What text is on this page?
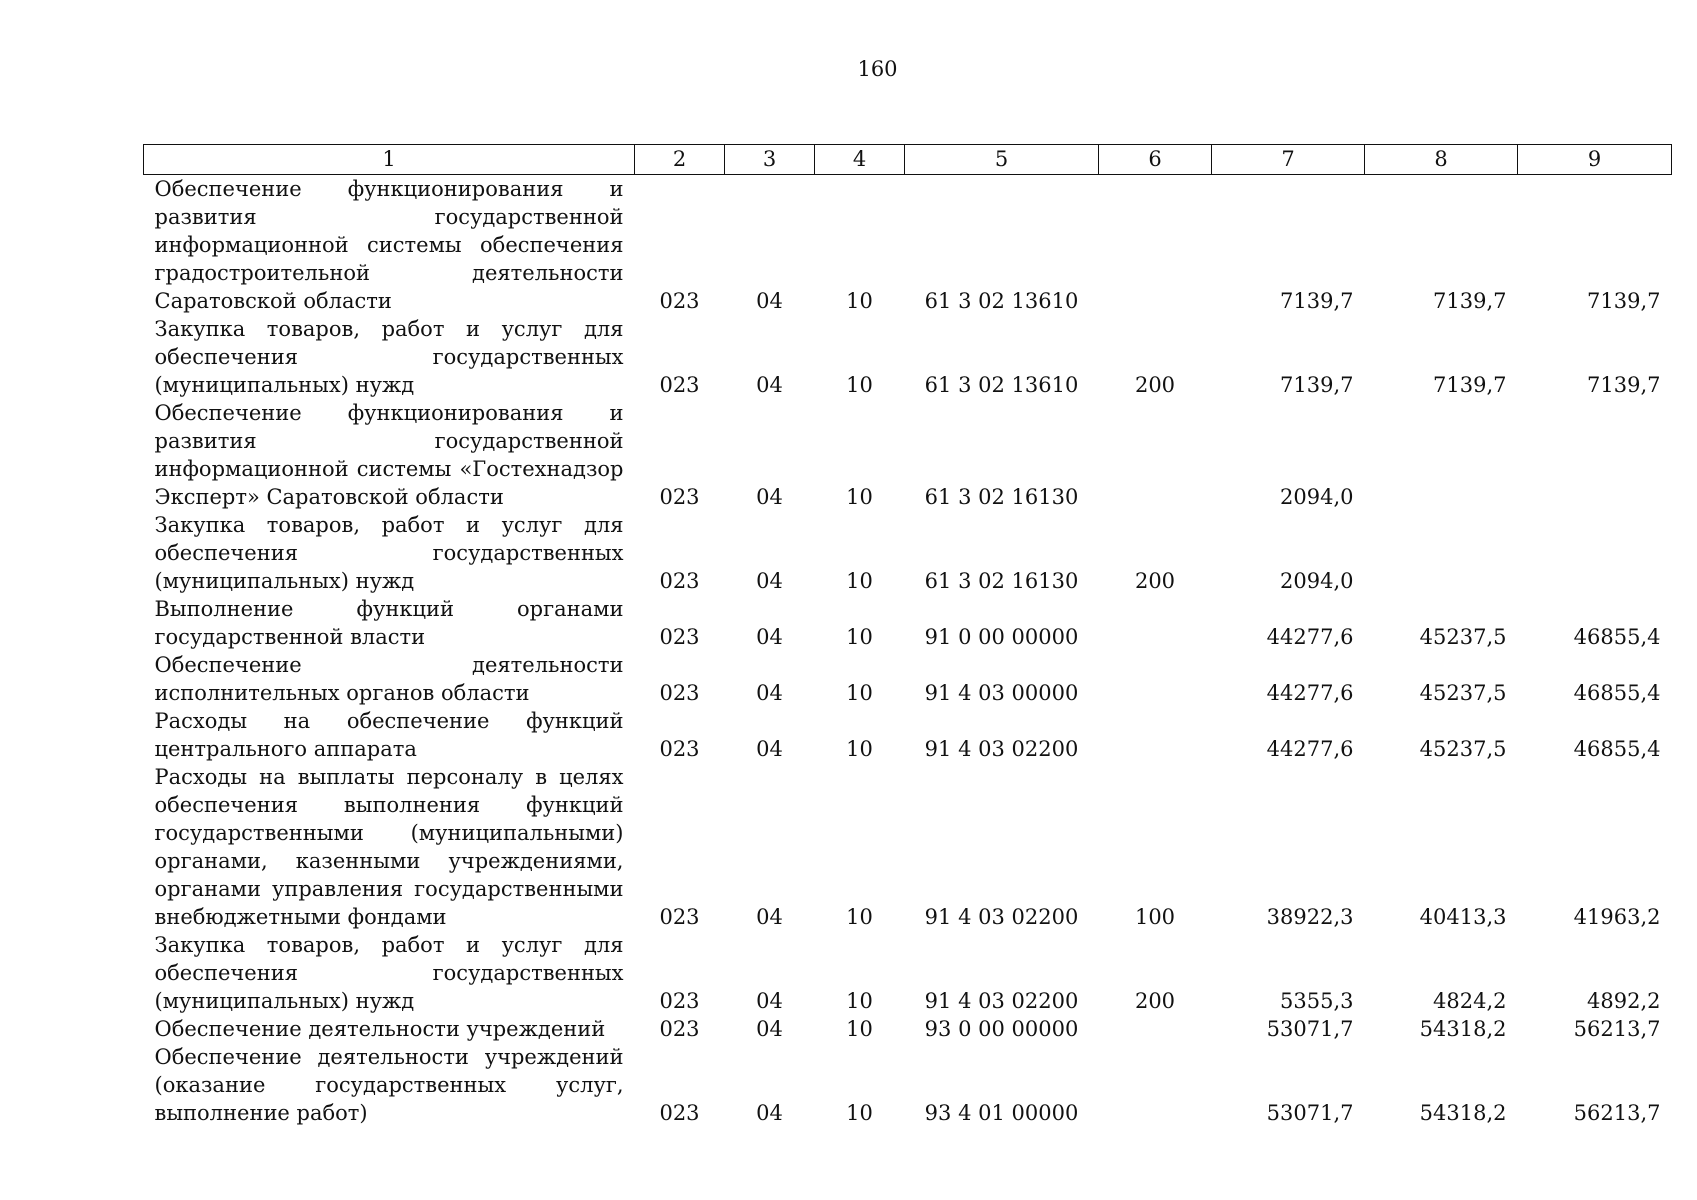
160
1	2	3	4	5	6	7	8	9
Обеспечение функционирования и развития государственной информационной системы обеспечения градостроительной деятельности Саратовской области	023	04	10	61 3 02 13610		7139,7	7139,7	7139,7
Закупка товаров, работ и услуг для обеспечения государственных (муниципальных) нужд	023	04	10	61 3 02 13610	200	7139,7	7139,7	7139,7
Обеспечение функционирования и развития государственной информационной системы «Гостехнадзор Эксперт» Саратовской области	023	04	10	61 3 02 16130		2094,0		
Закупка товаров, работ и услуг для обеспечения государственных (муниципальных) нужд	023	04	10	61 3 02 16130	200	2094,0		
Выполнение функций органами государственной власти	023	04	10	91 0 00 00000		44277,6	45237,5	46855,4
Обеспечение деятельности исполнительных органов области	023	04	10	91 4 03 00000		44277,6	45237,5	46855,4
Расходы на обеспечение функций центрального аппарата	023	04	10	91 4 03 02200		44277,6	45237,5	46855,4
Расходы на выплаты персоналу в целях обеспечения выполнения функций государственными (муниципальными) органами, казенными учреждениями, органами управления государственными внебюджетными фондами	023	04	10	91 4 03 02200	100	38922,3	40413,3	41963,2
Закупка товаров, работ и услуг для обеспечения государственных (муниципальных) нужд	023	04	10	91 4 03 02200	200	5355,3	4824,2	4892,2
Обеспечение деятельности учреждений	023	04	10	93 0 00 00000		53071,7	54318,2	56213,7
Обеспечение деятельности учреждений (оказание государственных услуг, выполнение работ)	023	04	10	93 4 01 00000		53071,7	54318,2	56213,7
